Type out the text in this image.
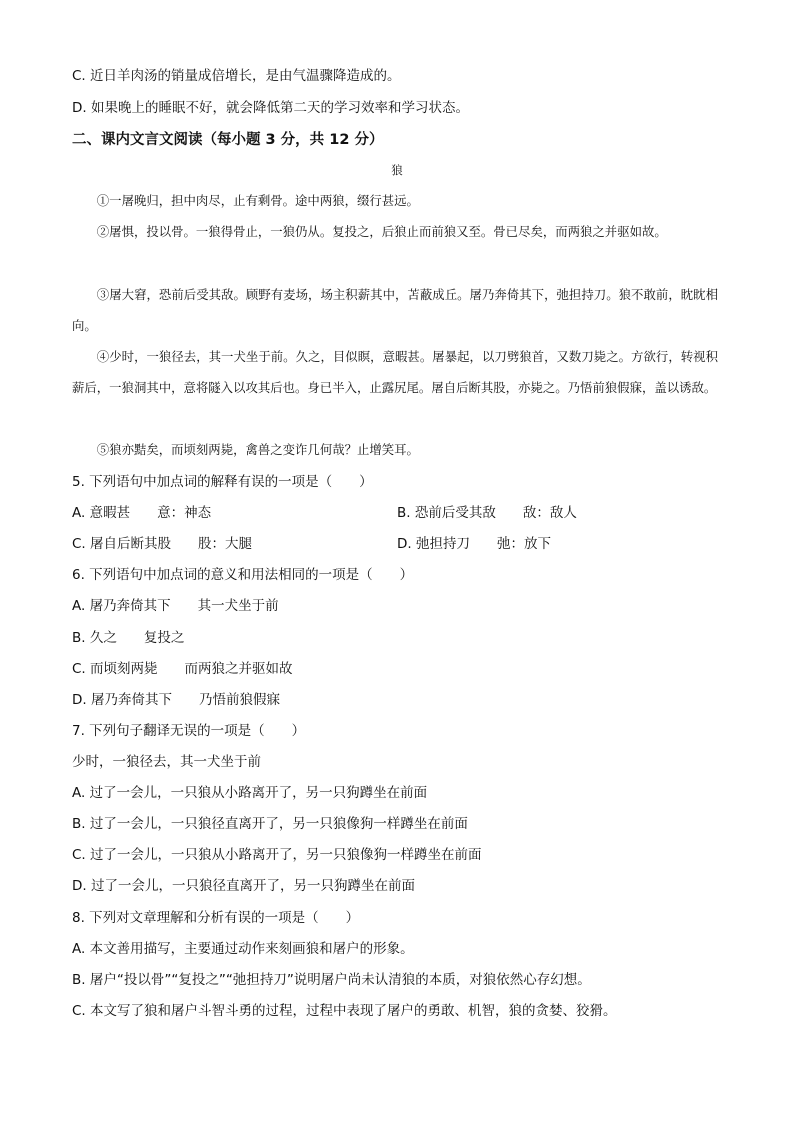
C. 近日羊肉汤的销量成倍增长，是由气温骤降造成的。
D. 如果晚上的睡眠不好，就会降低第二天的学习效率和学习状态。
二、课内文言文阅读（每小题 3 分，共 12 分）
狼
①一屠晚归，担中肉尽，止有剩骨。途中两狼，缀行甚远。
②屠惧，投以骨。一狼得骨止，一狼仍从。复投之，后狼止而前狼又至。骨已尽矣，而两狼之并驱如故。
③屠大窘，恐前后受其敌。顾野有麦场，场主积薪其中，苫蔽成丘。屠乃奔倚其下，弛担持刀。狼不敢前，眈眈相向。
④少时，一狼径去，其一犬坐于前。久之，目似瞑，意暇甚。屠暴起，以刀劈狼首，又数刀毙之。方欲行，转视积薪后，一狼洞其中，意将隧入以攻其后也。身已半入，止露尻尾。屠自后断其股，亦毙之。乃悟前狼假寐，盖以诱敌。
⑤狼亦黠矣，而顷刻两毙，禽兽之变诈几何哉？止增笑耳。
5. 下列语句中加点词的解释有误的一项是（　　）
A. 意暇甚　　意：神态	B. 恐前后受其敌　　敌：敌人
C. 屠自后断其股　　股：大腿	D. 弛担持刀　　弛：放下
6. 下列语句中加点词的意义和用法相同的一项是（　　）
A. 屠乃奔倚其下　　其一犬坐于前
B. 久之　　复投之
C. 而顷刻两毙　　而两狼之并驱如故
D. 屠乃奔倚其下　　乃悟前狼假寐
7. 下列句子翻译无误的一项是（　　）
少时，一狼径去，其一犬坐于前
A. 过了一会儿，一只狼从小路离开了，另一只狗蹲坐在前面
B. 过了一会儿，一只狼径直离开了，另一只狼像狗一样蹲坐在前面
C. 过了一会儿，一只狼从小路离开了，另一只狼像狗一样蹲坐在前面
D. 过了一会儿，一只狼径直离开了，另一只狗蹲坐在前面
8. 下列对文章理解和分析有误的一项是（　　）
A. 本文善用描写，主要通过动作来刻画狼和屠户的形象。
B. 屠户“投以骨”“复投之”“弛担持刀”说明屠户尚未认清狼的本质，对狼依然心存幻想。
C. 本文写了狼和屠户斗智斗勇的过程，过程中表现了屠户的勇敢、机智，狼的贪婪、狡猾。
